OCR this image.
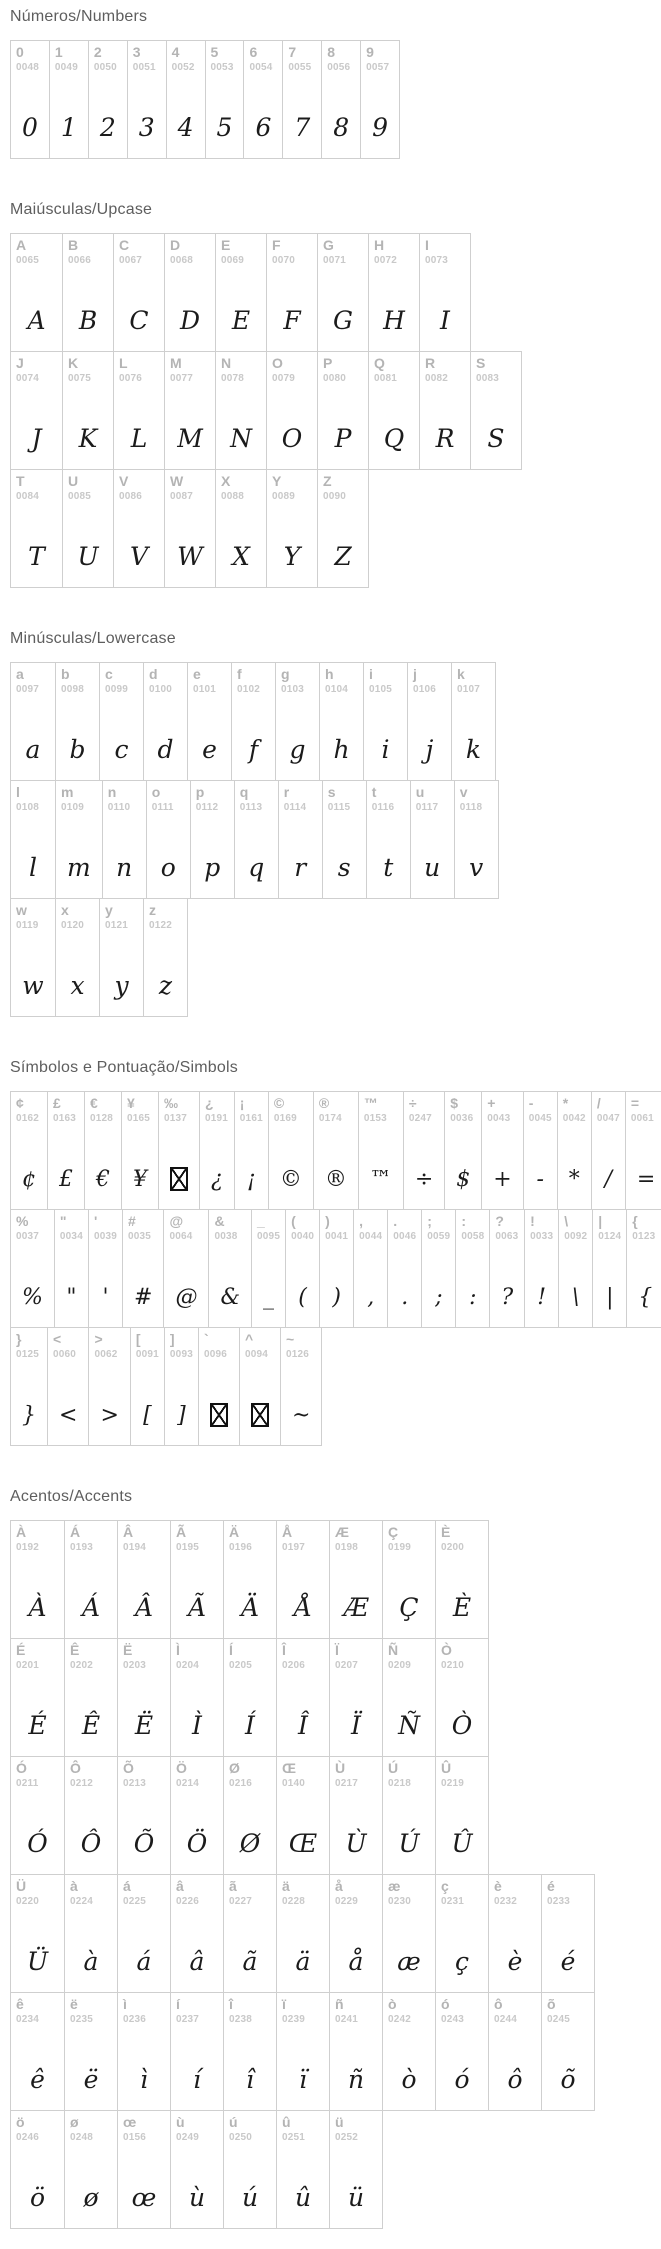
Números/Numbers
0
0048
0
1
0049
1
2
0050
2
3
0051
3
4
0052
4
5
0053
5
6
0054
6
7
0055
7
8
0056
8
9
0057
9
Maiúsculas/Upcase
A
0065
A
B
0066
B
C
0067
C
D
0068
D
E
0069
E
F
0070
F
G
0071
G
H
0072
H
I
0073
I
J
0074
J
K
0075
K
L
0076
L
M
0077
M
N
0078
N
O
0079
O
P
0080
P
Q
0081
Q
R
0082
R
S
0083
S
T
0084
T
U
0085
U
V
0086
V
W
0087
W
X
0088
X
Y
0089
Y
Z
0090
Z
Minúsculas/Lowercase
a
0097
a
b
0098
b
c
0099
c
d
0100
d
e
0101
e
f
0102
f
g
0103
g
h
0104
h
i
0105
i
j
0106
j
k
0107
k
l
0108
l
m
0109
m
n
0110
n
o
0111
o
p
0112
p
q
0113
q
r
0114
r
s
0115
s
t
0116
t
u
0117
u
v
0118
v
w
0119
w
x
0120
x
y
0121
y
z
0122
z
Símbolos e Pontuação/Simbols
¢
0162
¢
£
0163
£
€
0128
€
¥
0165
¥
‰
0137
¿
0191
¿
¡
0161
¡
©
0169
©
®
0174
®
™
0153
™
÷
0247
÷
$
0036
$
+
0043
+
-
0045
-
*
0042
*
/
0047
/
=
0061
=
%
0037
%
"
0034
"
'
0039
'
#
0035
#
@
0064
@
&
0038
&
_
0095
_
(
0040
(
)
0041
)
,
0044
,
.
0046
.
;
0059
;
:
0058
:
?
0063
?
!
0033
!
\
0092
\
|
0124
|
{
0123
{
}
0125
}
<
0060
<
>
0062
>
[
0091
[
]
0093
]
`
0096
^
0094
~
0126
~
Acentos/Accents
À
0192
À
Á
0193
Á
Â
0194
Â
Ã
0195
Ã
Ä
0196
Ä
Å
0197
Å
Æ
0198
Æ
Ç
0199
Ç
È
0200
È
É
0201
É
Ê
0202
Ê
Ë
0203
Ë
Ì
0204
Ì
Í
0205
Í
Î
0206
Î
Ï
0207
Ï
Ñ
0209
Ñ
Ò
0210
Ò
Ó
0211
Ó
Ô
0212
Ô
Õ
0213
Õ
Ö
0214
Ö
Ø
0216
Ø
Œ
0140
Œ
Ù
0217
Ù
Ú
0218
Ú
Û
0219
Û
Ü
0220
Ü
à
0224
à
á
0225
á
â
0226
â
ã
0227
ã
ä
0228
ä
å
0229
å
æ
0230
æ
ç
0231
ç
è
0232
è
é
0233
é
ê
0234
ê
ë
0235
ë
ì
0236
ì
í
0237
í
î
0238
î
ï
0239
ï
ñ
0241
ñ
ò
0242
ò
ó
0243
ó
ô
0244
ô
õ
0245
õ
ö
0246
ö
ø
0248
ø
œ
0156
œ
ù
0249
ù
ú
0250
ú
û
0251
û
ü
0252
ü
